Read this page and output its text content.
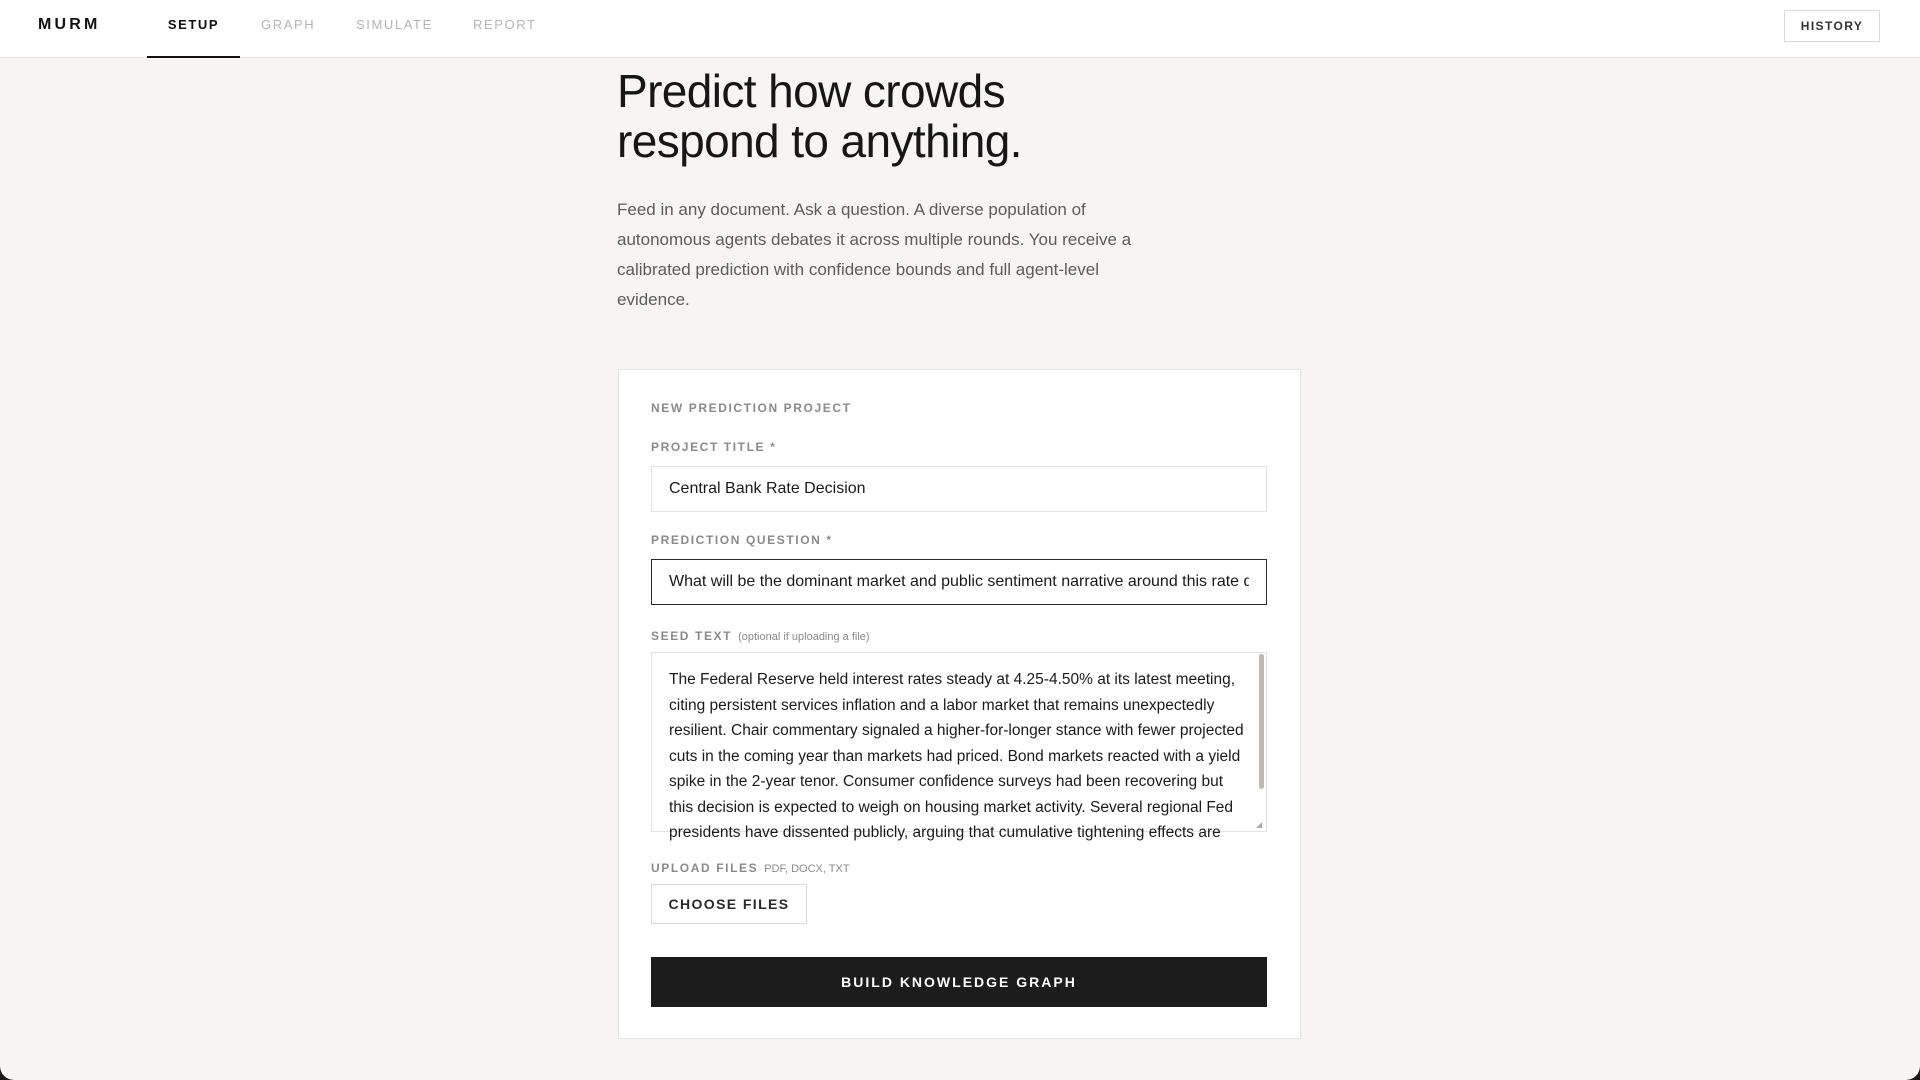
MURM	SETUP	GRAPH	SIMULATE	REPORT	HISTORY
Predict how crowds
respond to anything.

Feed in any document. Ask a question. A diverse population of autonomous agents debates it across multiple rounds. You receive a calibrated prediction with confidence bounds and full agent-level evidence.

NEW PREDICTION PROJECT
PROJECT TITLE *
Central Bank Rate Decision
PREDICTION QUESTION *
What will be the dominant market and public sentiment narrative around this rate dec
SEED TEXT (optional if uploading a file)
The Federal Reserve held interest rates steady at 4.25-4.50% at its latest meeting, citing persistent services inflation and a labor market that remains unexpectedly resilient. Chair commentary signaled a higher-for-longer stance with fewer projected cuts in the coming year than markets had priced. Bond markets reacted with a yield spike in the 2-year tenor. Consumer confidence surveys had been recovering but this decision is expected to weigh on housing market activity. Several regional Fed presidents have dissented publicly, arguing that cumulative tightening effects are	◢
UPLOAD FILES PDF, DOCX, TXT
CHOOSE FILES
BUILD KNOWLEDGE GRAPH
